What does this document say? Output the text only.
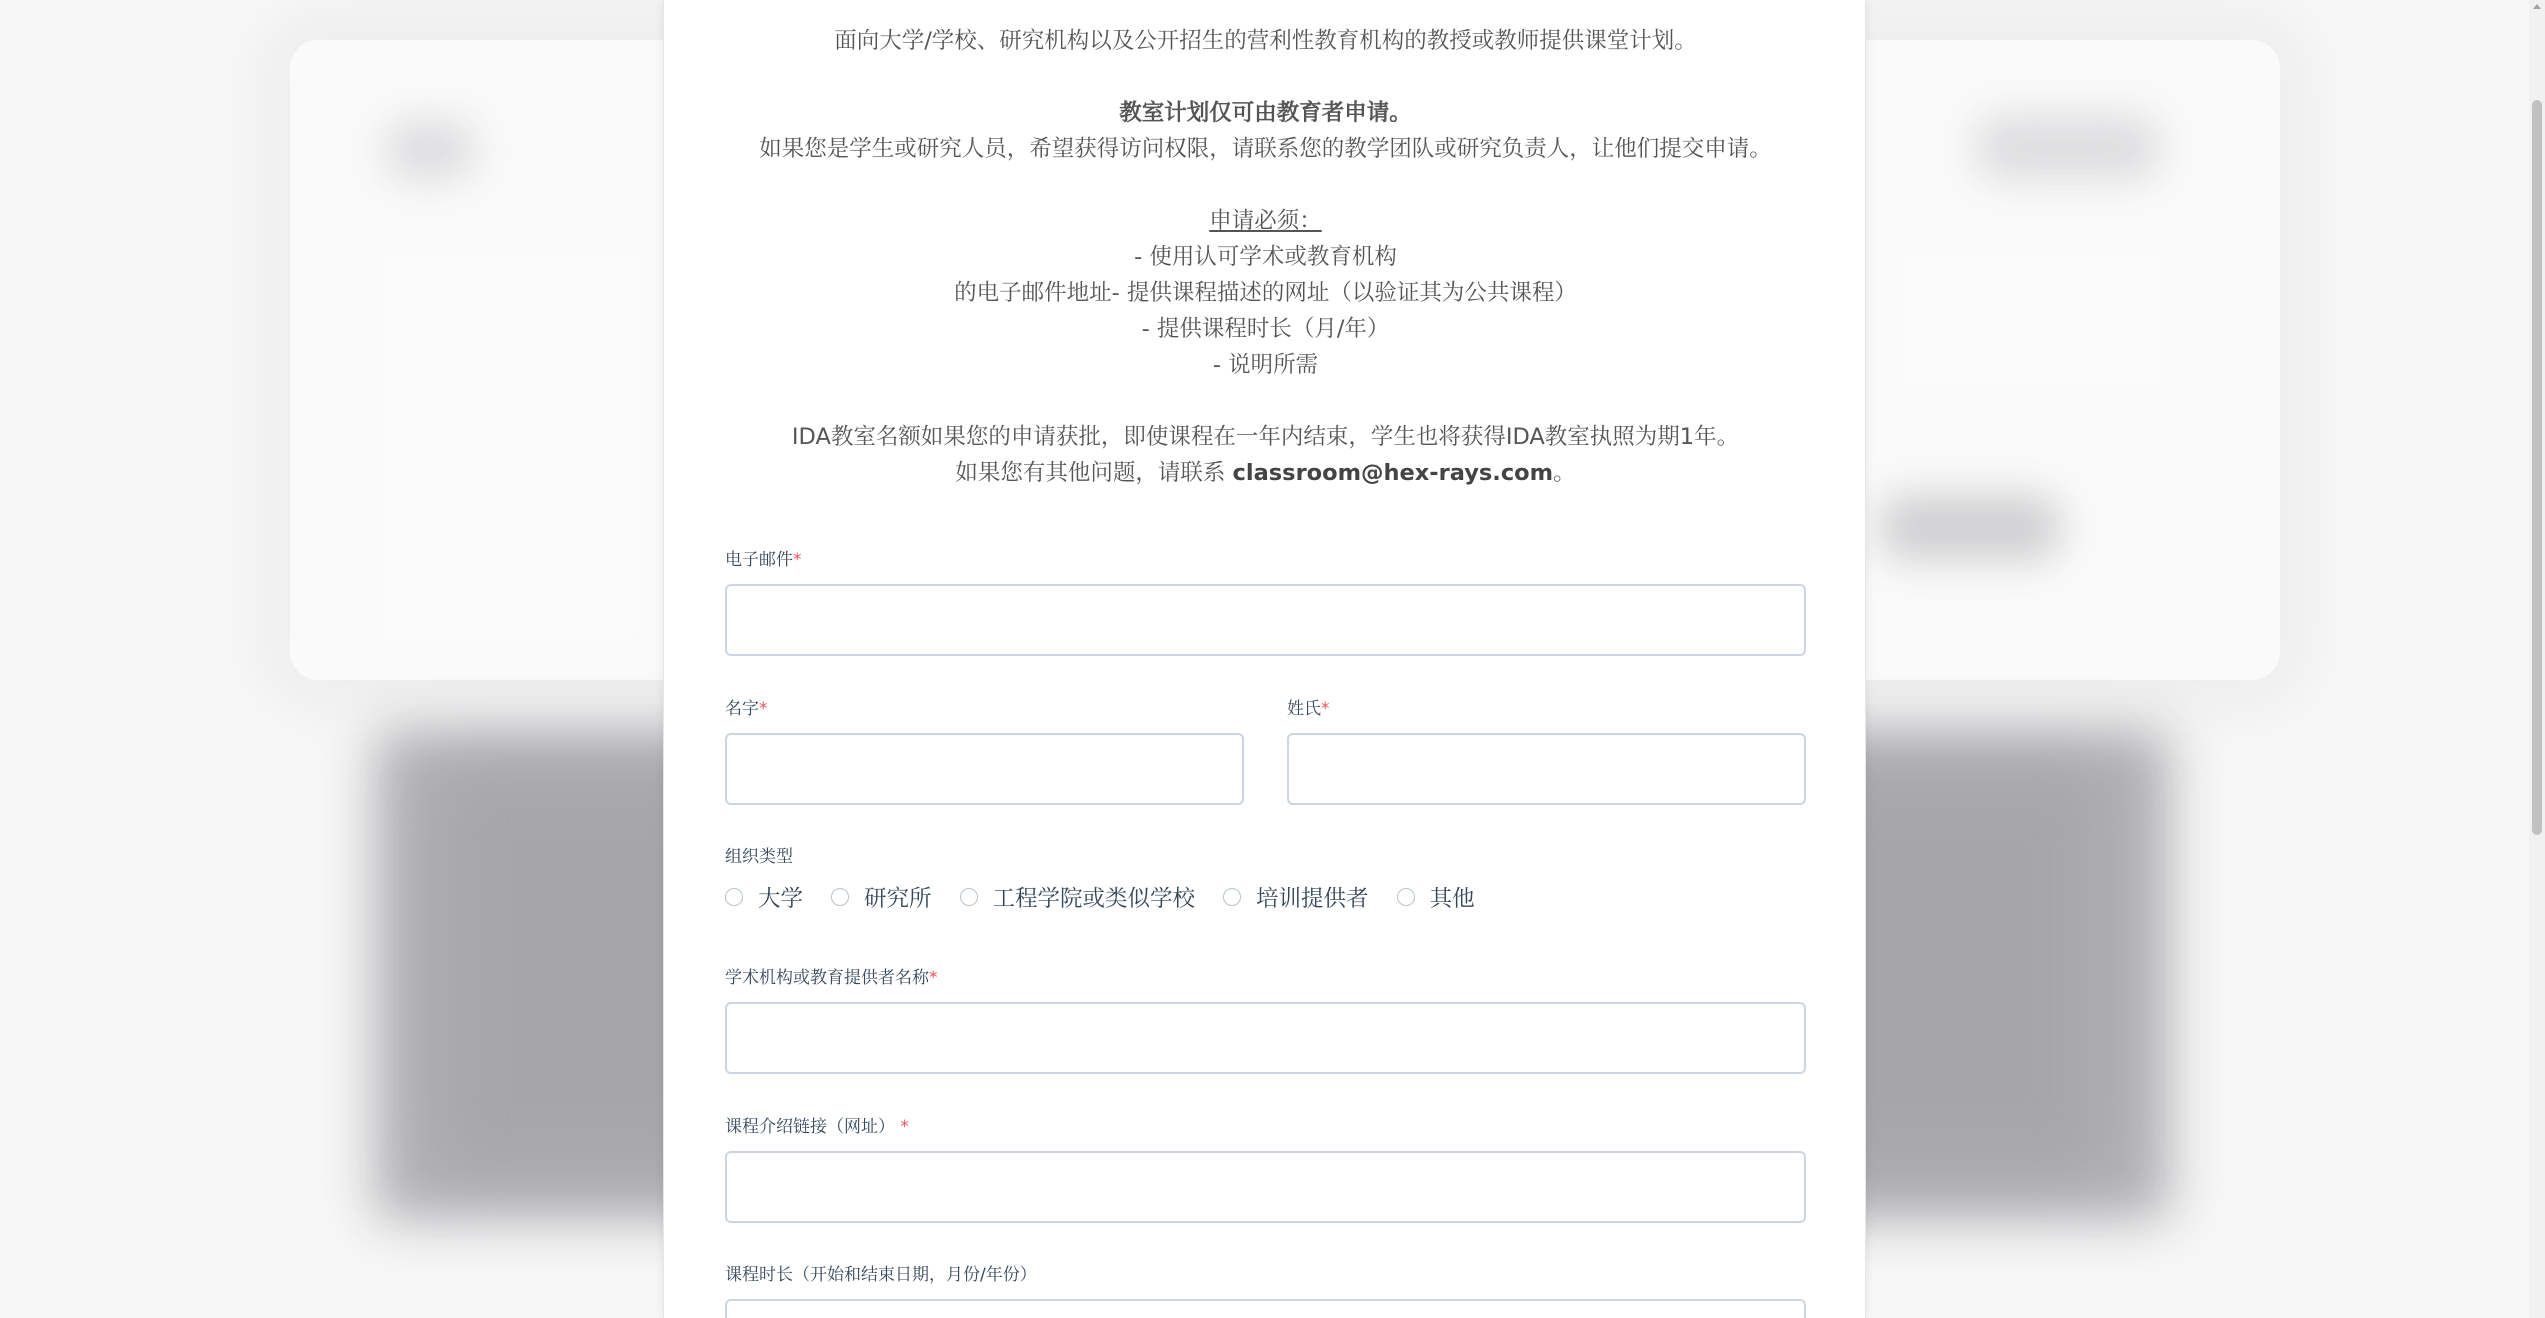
面向大学/学校、研究机构以及公开招生的营利性教育机构的教授或教师提供课堂计划。
教室计划仅可由教育者申请。
如果您是学生或研究人员，希望获得访问权限，请联系您的教学团队或研究负责人，让他们提交申请。
申请必须：
- 使用认可学术或教育机构
的电子邮件地址- 提供课程描述的网址（以验证其为公共课程）
- 提供课程时长（月/年）
- 说明所需
IDA教室名额如果您的申请获批，即使课程在一年内结束，学生也将获得IDA教室执照为期1年。
如果您有其他问题，请联系 classroom@hex-rays.com。
电子邮件*
名字*	姓氏*
组织类型
大学	研究所	工程学院或类似学校	培训提供者	其他
学术机构或教育提供者名称*
课程介绍链接（网址） *
课程时长（开始和结束日期，月份/年份）
